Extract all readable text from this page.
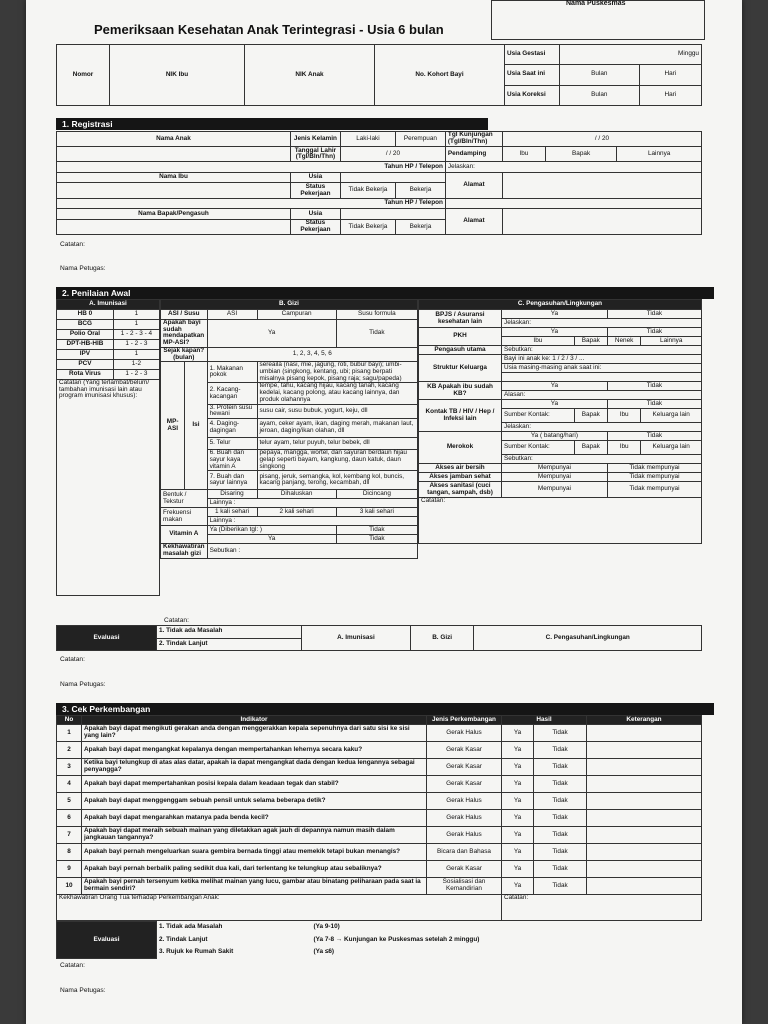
Nama Puskesmas
Pemeriksaan Kesehatan Anak Terintegrasi - Usia 6 bulan
Nomor	NIK Ibu	NIK Anak	No. Kohort Bayi	Usia Gestasi	Minggu	
				Usia Saat ini	Bulan	Hari
				Usia Koreksi	Bulan	Hari
1. Registrasi
Nama Anak	Jenis Kelamin	Laki-laki	Perempuan	Tgl Kunjungan (Tgl/Bln/Thn)	/ / 20		
	Tanggal Lahir (Tgl/Bln/Thn)	/ / 20		Pendamping	Ibu	Bapak	Lainnya
Tahun HP / Telepon				Jelaskan:			
Nama Ibu	Usia			Alamat			
	Status Pekerjaan	Tidak Bekerja	Bekerja				
Tahun HP / Telepon							
Nama Bapak/Pengasuh	Usia			Alamat			
	Status Pekerjaan	Tidak Bekerja	Bekerja				
Catatan:
Nama Petugas:
2. Penilaian Awal
A. Imunisasi	
HB 0	1
BCG	1
Polio Oral	1 - 2 - 3 - 4
DPT-HB-HIB	1 - 2 - 3
IPV	1
PCV	1-2
Rota Virus	1 - 2 - 3
Catatan (Yang terlambat/belum/ tambahan imunisasi lain atau program imunisasi khusus):	
B. Gizi				
ASI / Susu		ASI	Campuran	Susu formula
Apakah bayi sudah mendapatkan MP-ASI?		Ya		Tidak
Sejak kapan? (bulan)		1, 2, 3, 4, 5, 6		
MP-ASI	Isi	1. Makanan pokok	sereaila (nasi, mie, jagung, roti, bubur bayi); umbi-umbian (singkong, kentang, ubi; pisang berpati misalnya pisang kepok, pisang raja; sagu/papeda)	
		2. Kacang-kacangan	tempe, tahu, kacang hijau, kacang tanah, kacang kedelai, kacang polong, atau kacang lainnya, dan produk olahannya	
		3. Protein susu hewani	susu cair, susu bubuk, yogurt, keju, dll	
		4. Daging-dagingan	ayam, ceker ayam, ikan, daging merah, makanan laut, jeroan, daging/ikan olahan, dll	
		5. Telur	telur ayam, telur puyuh, telur bebek, dll	
		6. Buah dan sayur kaya vitamin A	pepaya, mangga, wortel, dan sayuran berdaun hijau gelap seperti bayam, kangkung, daun katuk, daun singkong	
		7. Buah dan sayur lainnya	pisang, jeruk, semangka, kol, kembang kol, buncis, kacang panjang, terong, kecambah, dll	
Bentuk / Tekstur		Disaring	Dihaluskan	Dicincang
		Lainnya :		
Frekuensi makan		1 kali sehari	2 kali sehari	3 kali sehari
		Lainnya :		
Vitamin A		Ya (Diberikan tgl: )		Tidak
		Ya		Tidak
Kekhawatiran masalah gizi		Sebutkan :		
C. Pengasuhan/Lingkungan				
BPJS / Asuransi kesehatan lain	Ya		Tidak	
	Jelaskan:			
PKH	Ya		Tidak	
	Ibu	Bapak	Nenek	Lainnya
Pengasuh utama	Sebutkan:			
Struktur Keluarga	Bayi ini anak ke: 1 / 2 / 3 / ...			
	Usia masing-masing anak saat ini:			

KB Apakah ibu sudah KB?	Ya		Tidak	
	Alasan:			
Kontak TB / HIV / Hep / Infeksi lain	Ya		Tidak	
	Sumber Kontak:	Bapak	Ibu	Keluarga lain
	Jelaskan:			
Merokok	Ya ( batang/hari)		Tidak	
	Sumber Kontak:	Bapak	Ibu	Keluarga lain
	Sebutkan:			
Akses air bersih	Mempunyai		Tidak mempunyai	
Akses jamban sehat	Mempunyai		Tidak mempunyai	
Akses sanitasi (cuci tangan, sampah, dsb)	Mempunyai		Tidak mempunyai	
Catatan:				
Catatan:
Evaluasi	1. Tidak ada Masalah	A. Imunisasi	B. Gizi	C. Pengasuhan/Lingkungan
2. Tindak Lanjut
Catatan:
Nama Petugas:
3. Cek Perkembangan
No	Indikator	Jenis Perkembangan	Hasil		Keterangan
1	Apakah bayi dapat mengikuti gerakan anda dengan menggerakkan kepala sepenuhnya dari satu sisi ke sisi yang lain?	Gerak Halus	Ya	Tidak	
2	Apakah bayi dapat mengangkat kepalanya dengan mempertahankan lehernya secara kaku?	Gerak Kasar	Ya	Tidak	
3	Ketika bayi telungkup di atas alas datar, apakah ia dapat mengangkat dada dengan kedua lengannya sebagai penyangga?	Gerak Kasar	Ya	Tidak	
4	Apakah bayi dapat mempertahankan posisi kepala dalam keadaan tegak dan stabil?	Gerak Kasar	Ya	Tidak	
5	Apakah bayi dapat menggenggam sebuah pensil untuk selama beberapa detik?	Gerak Halus	Ya	Tidak	
6	Apakah bayi dapat mengarahkan matanya pada benda kecil?	Gerak Halus	Ya	Tidak	
7	Apakah bayi dapat meraih sebuah mainan yang diletakkan agak jauh di depannya namun masih dalam jangkauan tangannya?	Gerak Halus	Ya	Tidak	
8	Apakah bayi pernah mengeluarkan suara gembira bernada tinggi atau memekik tetapi bukan menangis?	Bicara dan Bahasa	Ya	Tidak	
9	Apakah bayi pernah berbalik paling sedikit dua kali, dari terlentang ke telungkup atau sebaliknya?	Gerak Kasar	Ya	Tidak	
10	Apakah bayi pernah tersenyum ketika melihat mainan yang lucu, gambar atau binatang peliharaan pada saat ia bermain sendiri?	Sosialisasi dan Kemandirian	Ya	Tidak	
Kekhawatiran Orang Tua terhadap Perkembangan Anak:			Catatan:		
Evaluasi	1. Tidak ada Masalah	(Ya 9-10)
	2. Tindak Lanjut	(Ya 7-8 → Kunjungan ke Puskesmas setelah 2 minggu)
	3. Rujuk ke Rumah Sakit	(Ya ≤6)
Catatan:
Nama Petugas:
